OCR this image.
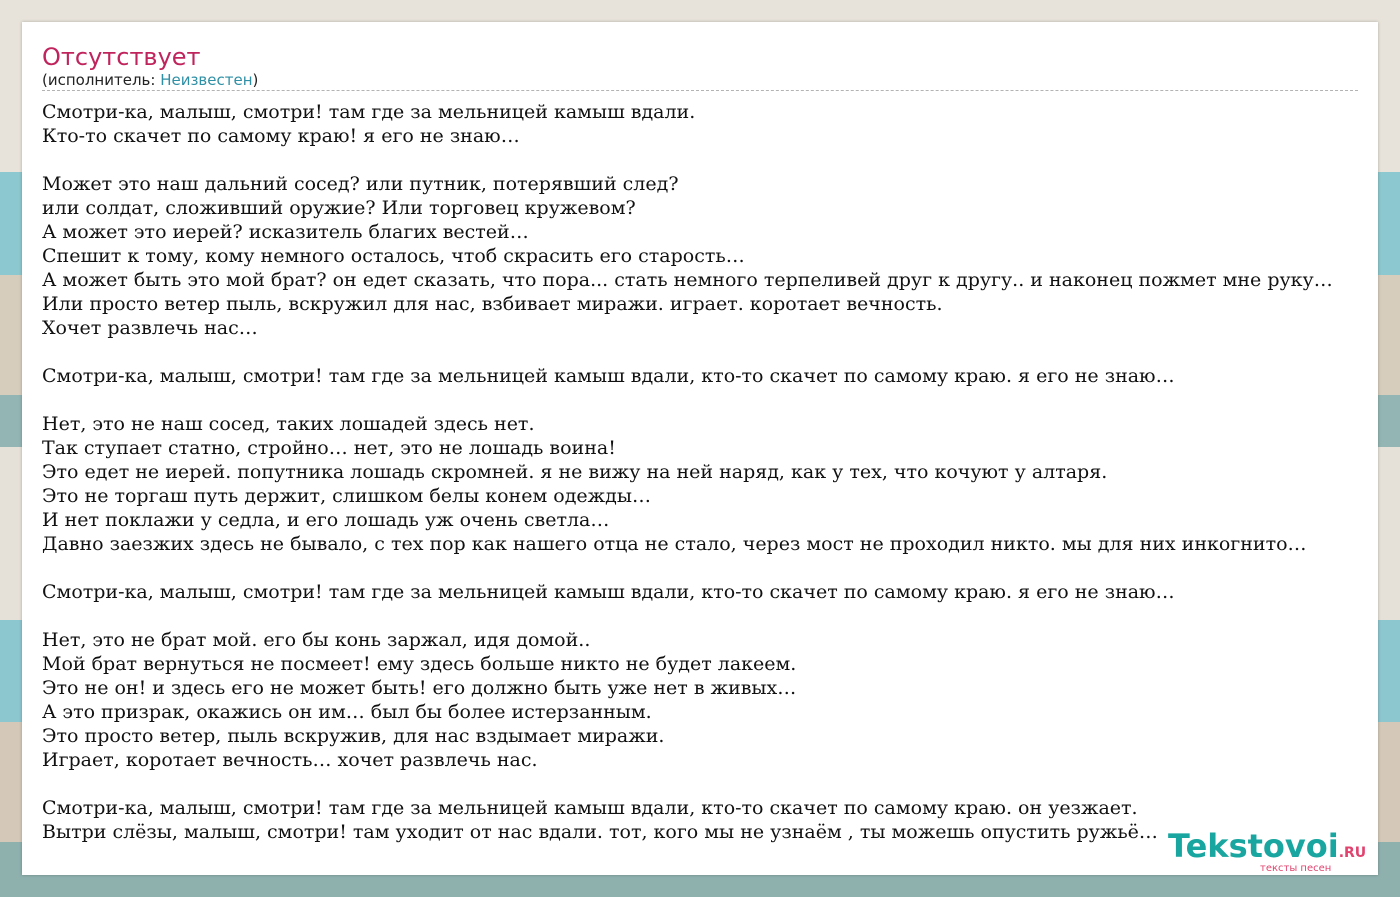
Отсутствует
(исполнитель: Неизвестен)
Смотри-ка, малыш, смотри! там где за мельницей камыш вдали.
Кто-то скачет по самому краю! я его не знаю…
Может это наш дальний сосед? или путник, потерявший след?
или солдат, сложивший оружие? Или торговец кружевом?
А может это иерей? исказитель благих вестей…
Спешит к тому, кому немного осталось, чтоб скрасить его старость…
А может быть это мой брат? он едет сказать, что пора... стать немного терпеливей друг к другу.. и наконец пожмет мне руку…
Или просто ветер пыль, вскружил для нас, взбивает миражи. играет. коротает вечность.
Хочет развлечь нас…
Смотри-ка, малыш, смотри! там где за мельницей камыш вдали, кто-то скачет по самому краю. я его не знаю…
Нет, это не наш сосед, таких лошадей здесь нет.
Так ступает статно, стройно… нет, это не лошадь воина!
Это едет не иерей. попутника лошадь скромней. я не вижу на ней наряд, как у тех, что кочуют у алтаря.
Это не торгаш путь держит, слишком белы конем одежды…
И нет поклажи у седла, и его лошадь уж очень светла…
Давно заезжих здесь не бывало, с тех пор как нашего отца не стало, через мост не проходил никто. мы для них инкогнито…
Смотри-ка, малыш, смотри! там где за мельницей камыш вдали, кто-то скачет по самому краю. я его не знаю…
Нет, это не брат мой. его бы конь заржал, идя домой..
Мой брат вернуться не посмеет! ему здесь больше никто не будет лакеем.
Это не он! и здесь его не может быть! его должно быть уже нет в живых…
А это призрак, окажись он им… был бы более истерзанным.
Это просто ветер, пыль вскружив, для нас вздымает миражи.
Играет, коротает вечность… хочет развлечь нас.
Смотри-ка, малыш, смотри! там где за мельницей камыш вдали, кто-то скачет по самому краю. он уезжает.
Вытри слёзы, малыш, смотри! там уходит от нас вдали. тот, кого мы не узнаём , ты можешь опустить ружьё… Tekstovoi.RU
тексты песен
